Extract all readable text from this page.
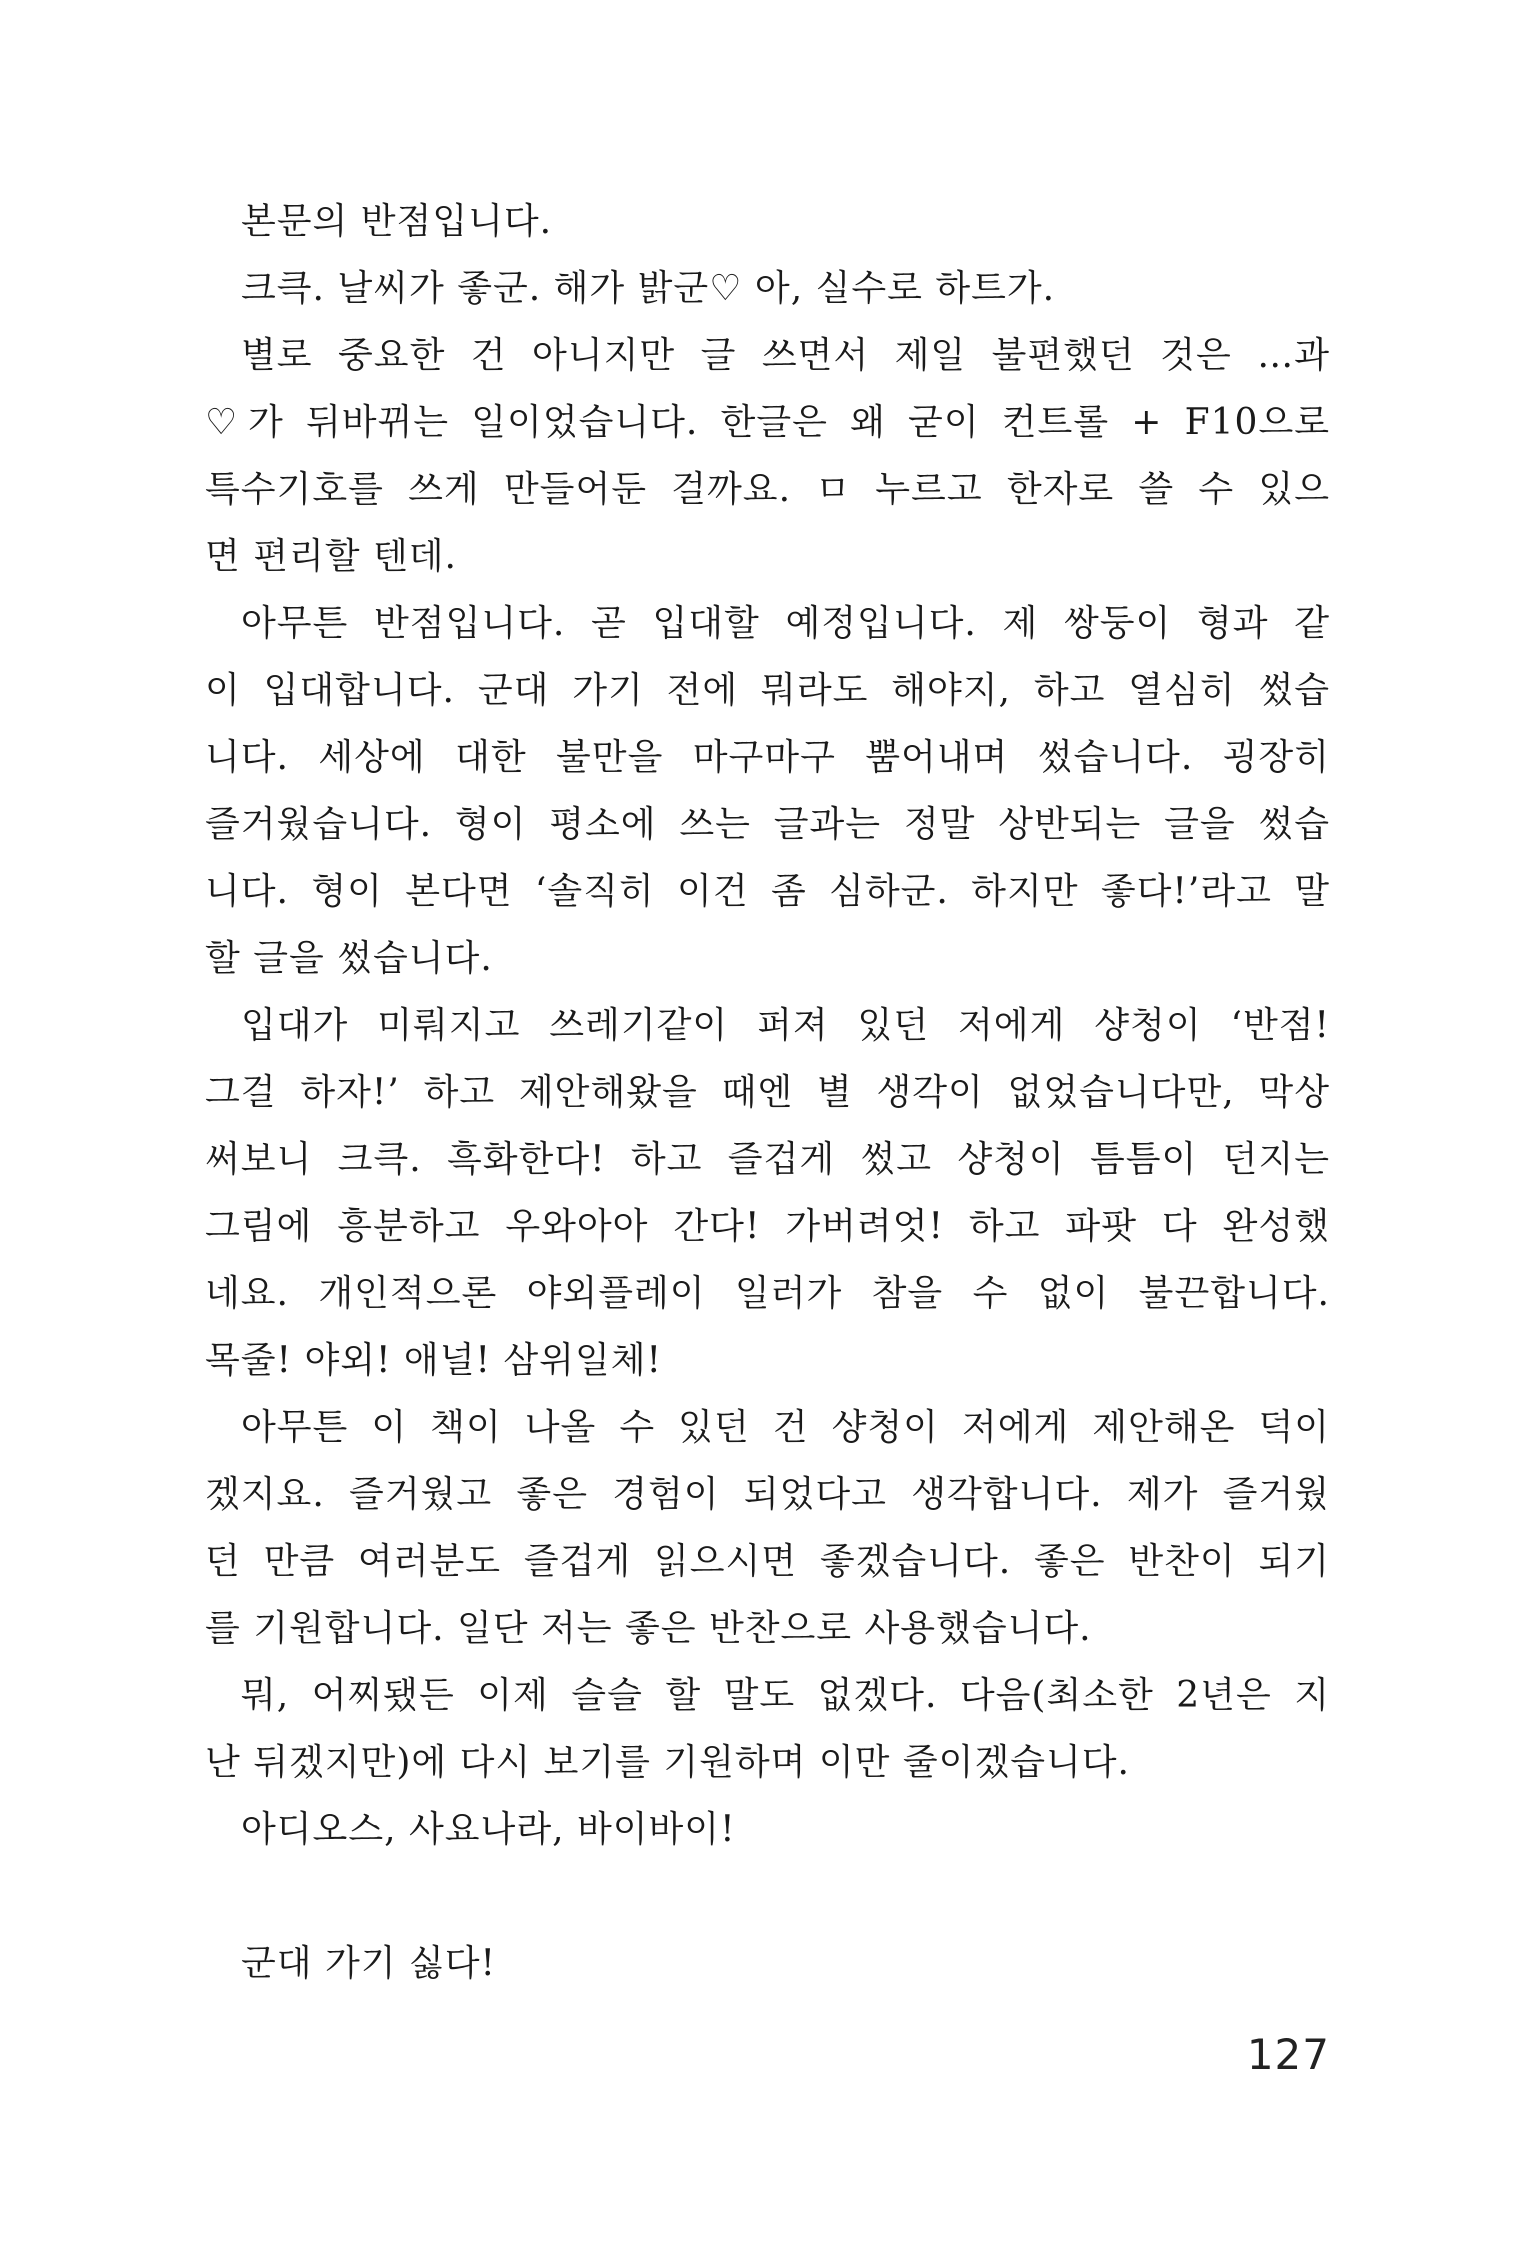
본문의 반점입니다.
크큭. 날씨가 좋군. 해가 밝군♡ 아, 실수로 하트가.
별로 중요한 건 아니지만 글 쓰면서 제일 불편했던 것은 …과
♡가 뒤바뀌는 일이었습니다. 한글은 왜 굳이 컨트롤 + F10으로
특수기호를 쓰게 만들어둔 걸까요. ㅁ 누르고 한자로 쓸 수 있으
면 편리할 텐데.
아무튼 반점입니다. 곧 입대할 예정입니다. 제 쌍둥이 형과 같
이 입대합니다. 군대 가기 전에 뭐라도 해야지, 하고 열심히 썼습
니다. 세상에 대한 불만을 마구마구 뿜어내며 썼습니다. 굉장히
즐거웠습니다. 형이 평소에 쓰는 글과는 정말 상반되는 글을 썼습
니다. 형이 본다면 ‘솔직히 이건 좀 심하군. 하지만 좋다!’라고 말
할 글을 썼습니다.
입대가 미뤄지고 쓰레기같이 퍼져 있던 저에게 샹청이 ‘반점!
그걸 하자!’ 하고 제안해왔을 때엔 별 생각이 없었습니다만, 막상
써보니 크큭. 흑화한다! 하고 즐겁게 썼고 샹청이 틈틈이 던지는
그림에 흥분하고 우와아아 간다! 가버려엇! 하고 파팟 다 완성했
네요. 개인적으론 야외플레이 일러가 참을 수 없이 불끈합니다.
목줄! 야외! 애널! 삼위일체!
아무튼 이 책이 나올 수 있던 건 샹청이 저에게 제안해온 덕이
겠지요. 즐거웠고 좋은 경험이 되었다고 생각합니다. 제가 즐거웠
던 만큼 여러분도 즐겁게 읽으시면 좋겠습니다. 좋은 반찬이 되기
를 기원합니다. 일단 저는 좋은 반찬으로 사용했습니다.
뭐, 어찌됐든 이제 슬슬 할 말도 없겠다. 다음(최소한 2년은 지
난 뒤겠지만)에 다시 보기를 기원하며 이만 줄이겠습니다.
아디오스, 사요나라, 바이바이!
군대 가기 싫다!
127
